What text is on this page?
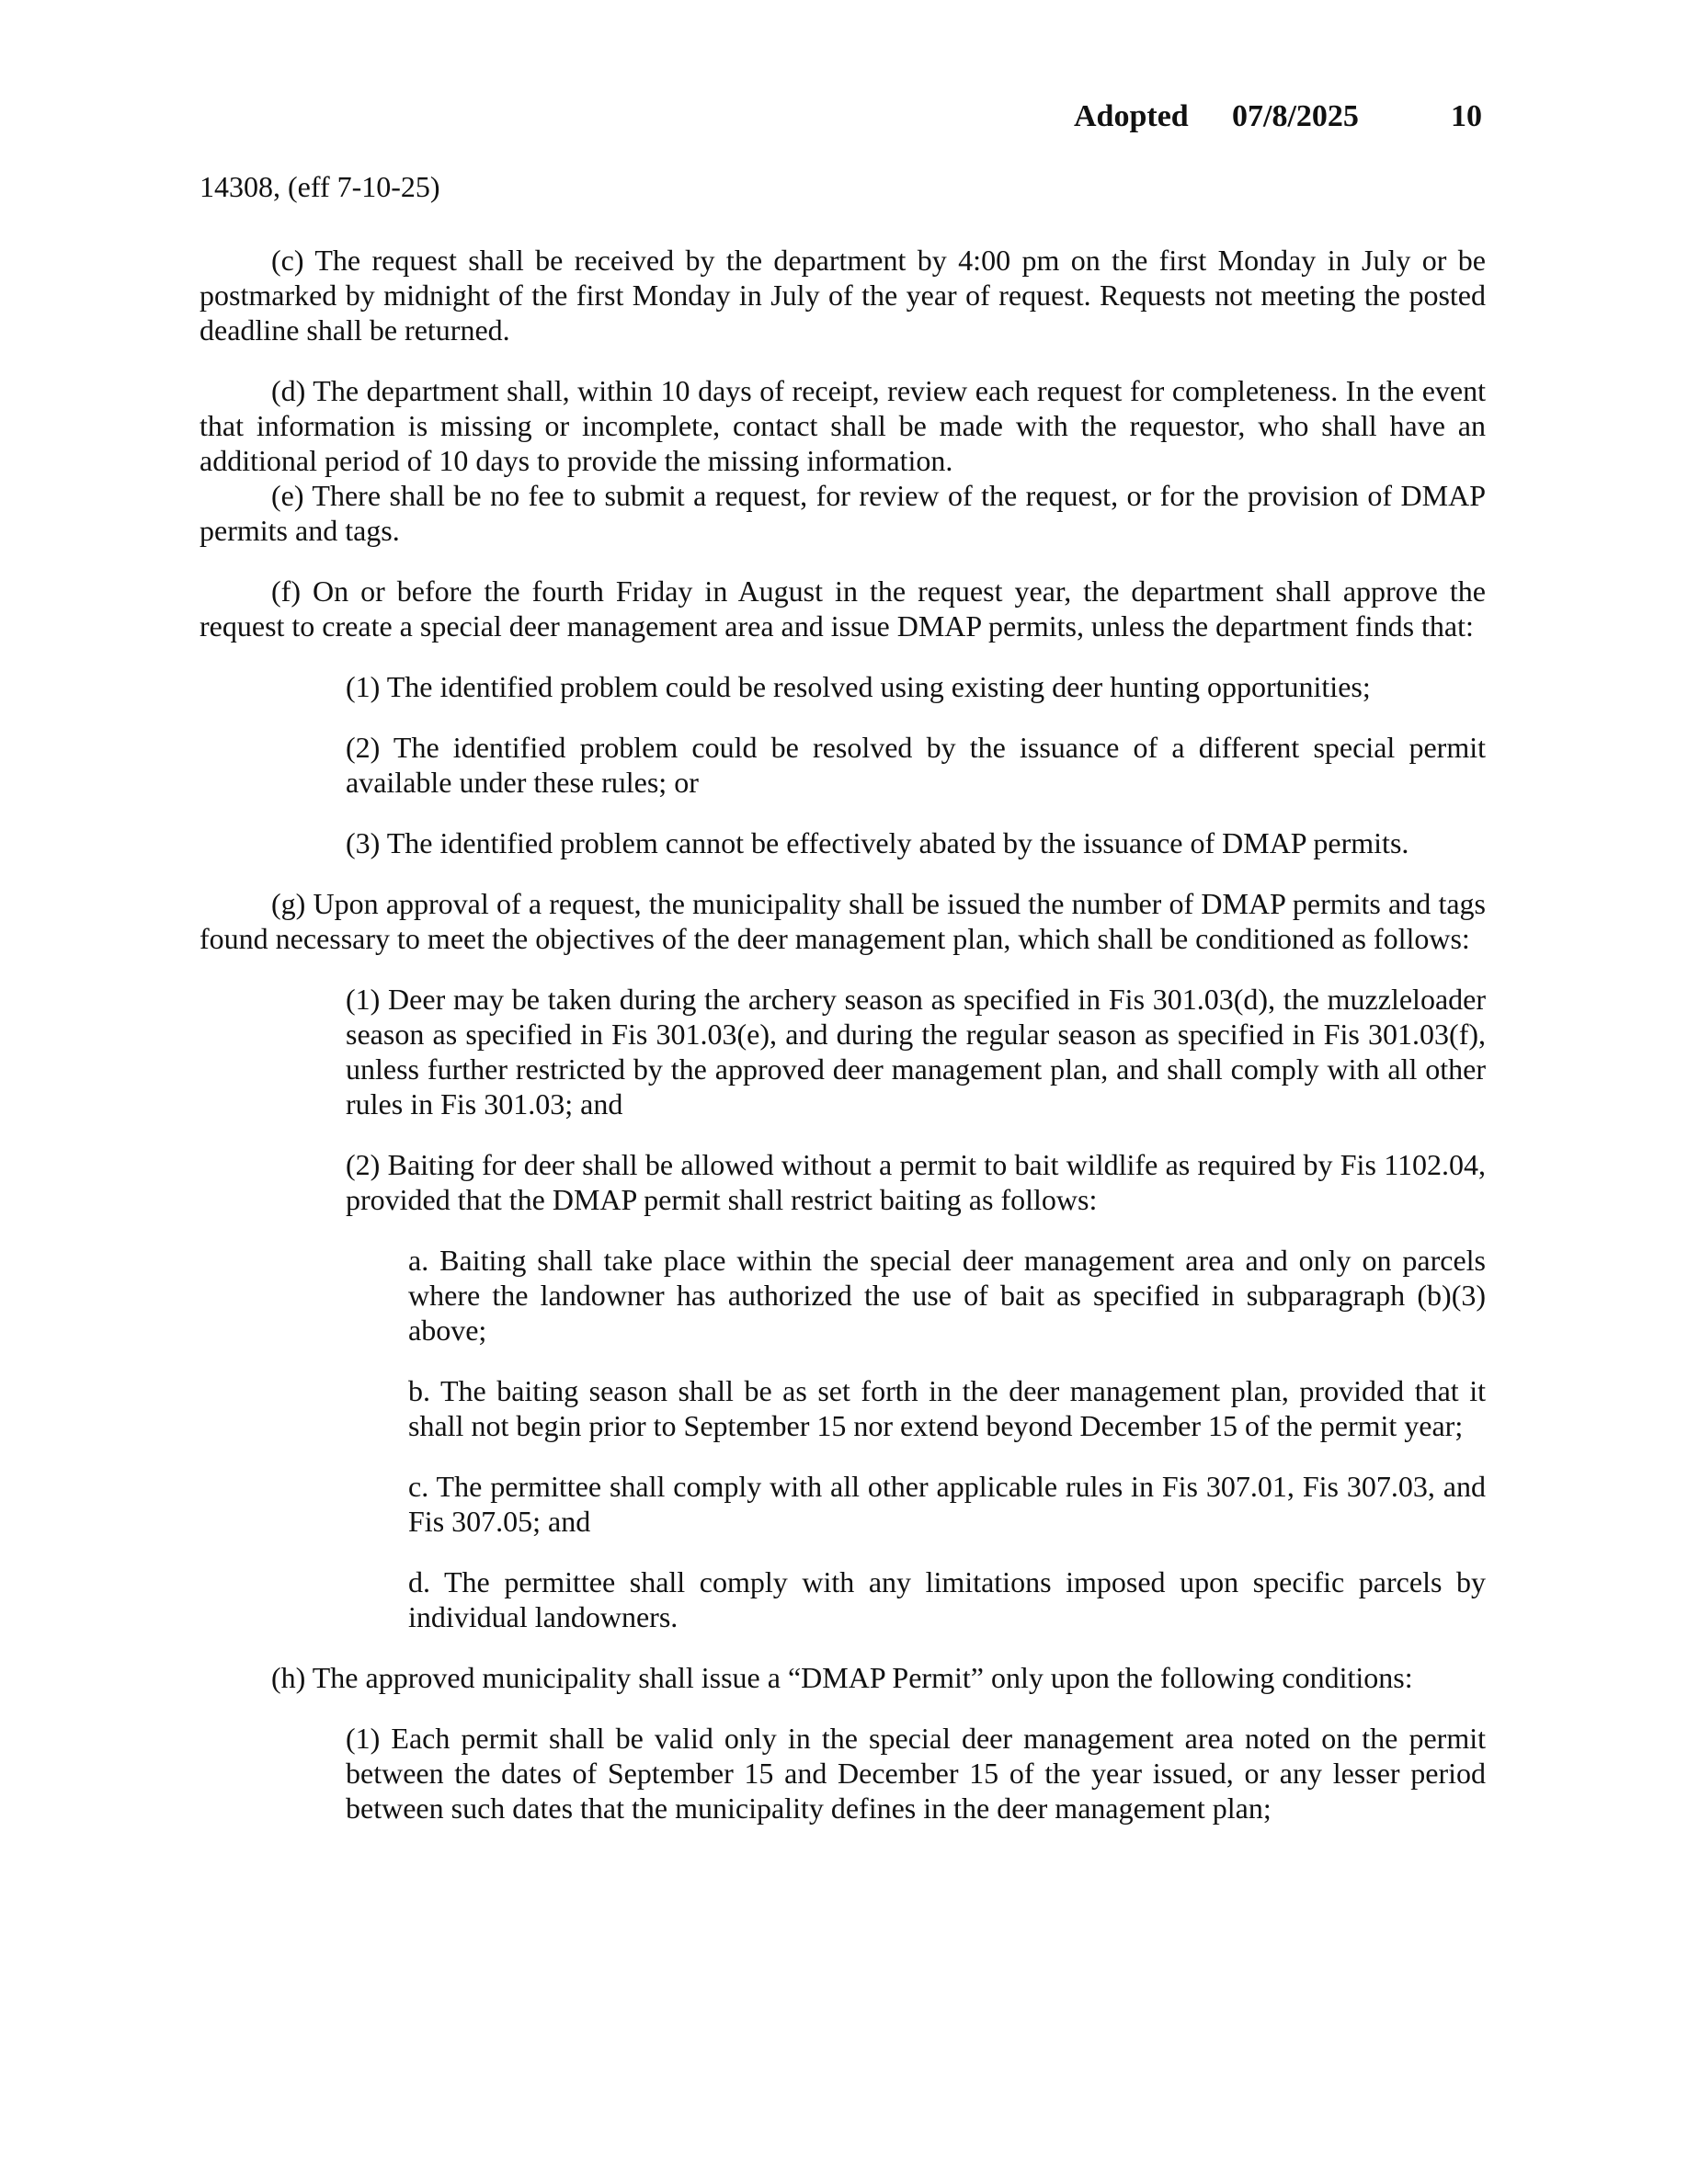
Adopted 07/8/2025	10

14308, (eff 7-10-25)

(c) The request shall be received by the department by 4:00 pm on the first Monday in July or be postmarked by midnight of the first Monday in July of the year of request. Requests not meeting the posted deadline shall be returned.

(d) The department shall, within 10 days of receipt, review each request for completeness. In the event that information is missing or incomplete, contact shall be made with the requestor, who shall have an additional period of 10 days to provide the missing information.

(e) There shall be no fee to submit a request, for review of the request, or for the provision of DMAP permits and tags.

(f) On or before the fourth Friday in August in the request year, the department shall approve the request to create a special deer management area and issue DMAP permits, unless the department finds that:

(1) The identified problem could be resolved using existing deer hunting opportunities;

(2) The identified problem could be resolved by the issuance of a different special permit available under these rules; or

(3) The identified problem cannot be effectively abated by the issuance of DMAP permits.

(g) Upon approval of a request, the municipality shall be issued the number of DMAP permits and tags found necessary to meet the objectives of the deer management plan, which shall be conditioned as follows:

(1) Deer may be taken during the archery season as specified in Fis 301.03(d), the muzzleloader season as specified in Fis 301.03(e), and during the regular season as specified in Fis 301.03(f), unless further restricted by the approved deer management plan, and shall comply with all other rules in Fis 301.03; and

(2) Baiting for deer shall be allowed without a permit to bait wildlife as required by Fis 1102.04, provided that the DMAP permit shall restrict baiting as follows:

a. Baiting shall take place within the special deer management area and only on parcels where the landowner has authorized the use of bait as specified in subparagraph (b)(3) above;

b. The baiting season shall be as set forth in the deer management plan, provided that it shall not begin prior to September 15 nor extend beyond December 15 of the permit year;

c. The permittee shall comply with all other applicable rules in Fis 307.01, Fis 307.03, and Fis 307.05; and

d. The permittee shall comply with any limitations imposed upon specific parcels by individual landowners.

(h) The approved municipality shall issue a “DMAP Permit” only upon the following conditions:

(1) Each permit shall be valid only in the special deer management area noted on the permit between the dates of September 15 and December 15 of the year issued, or any lesser period between such dates that the municipality defines in the deer management plan;
